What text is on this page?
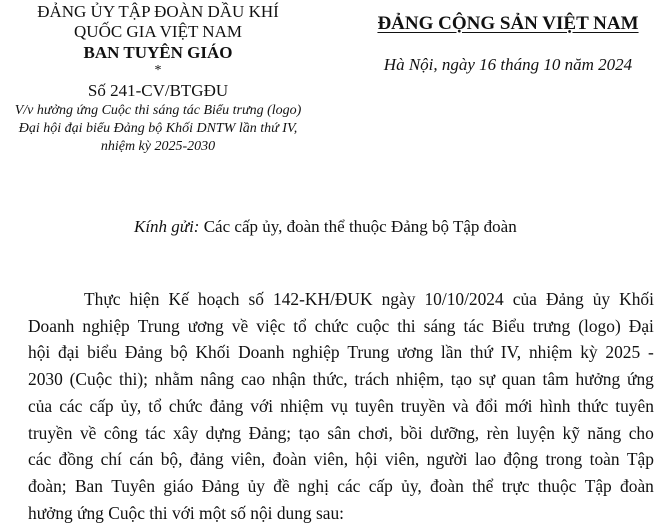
ĐẢNG ỦY TẬP ĐOÀN DẦU KHÍ
QUỐC GIA VIỆT NAM
BAN TUYÊN GIÁO
*
Số 241-CV/BTGĐU
V/v hưởng ứng Cuộc thi sáng tác Biểu trưng (logo)
Đại hội đại biểu Đảng bộ Khối DNTW lần thứ IV,
nhiệm kỳ 2025-2030
ĐẢNG CỘNG SẢN VIỆT NAM
Hà Nội, ngày 16 tháng 10 năm 2024
Kính gửi: Các cấp ủy, đoàn thể thuộc Đảng bộ Tập đoàn
Thực hiện Kế hoạch số 142-KH/ĐUK ngày 10/10/2024 của Đảng ủy Khối
Doanh nghiệp Trung ương về việc tổ chức cuộc thi sáng tác Biểu trưng (logo) Đại
hội đại biểu Đảng bộ Khối Doanh nghiệp Trung ương lần thứ IV, nhiệm kỳ 2025 -
2030 (Cuộc thi); nhằm nâng cao nhận thức, trách nhiệm, tạo sự quan tâm hưởng ứng
của các cấp ủy, tổ chức đảng với nhiệm vụ tuyên truyền và đổi mới hình thức tuyên
truyền về công tác xây dựng Đảng; tạo sân chơi, bồi dưỡng, rèn luyện kỹ năng cho
các đồng chí cán bộ, đảng viên, đoàn viên, hội viên, người lao động trong toàn Tập
đoàn; Ban Tuyên giáo Đảng ủy đề nghị các cấp ủy, đoàn thể trực thuộc Tập đoàn
hưởng ứng Cuộc thi với một số nội dung sau:
